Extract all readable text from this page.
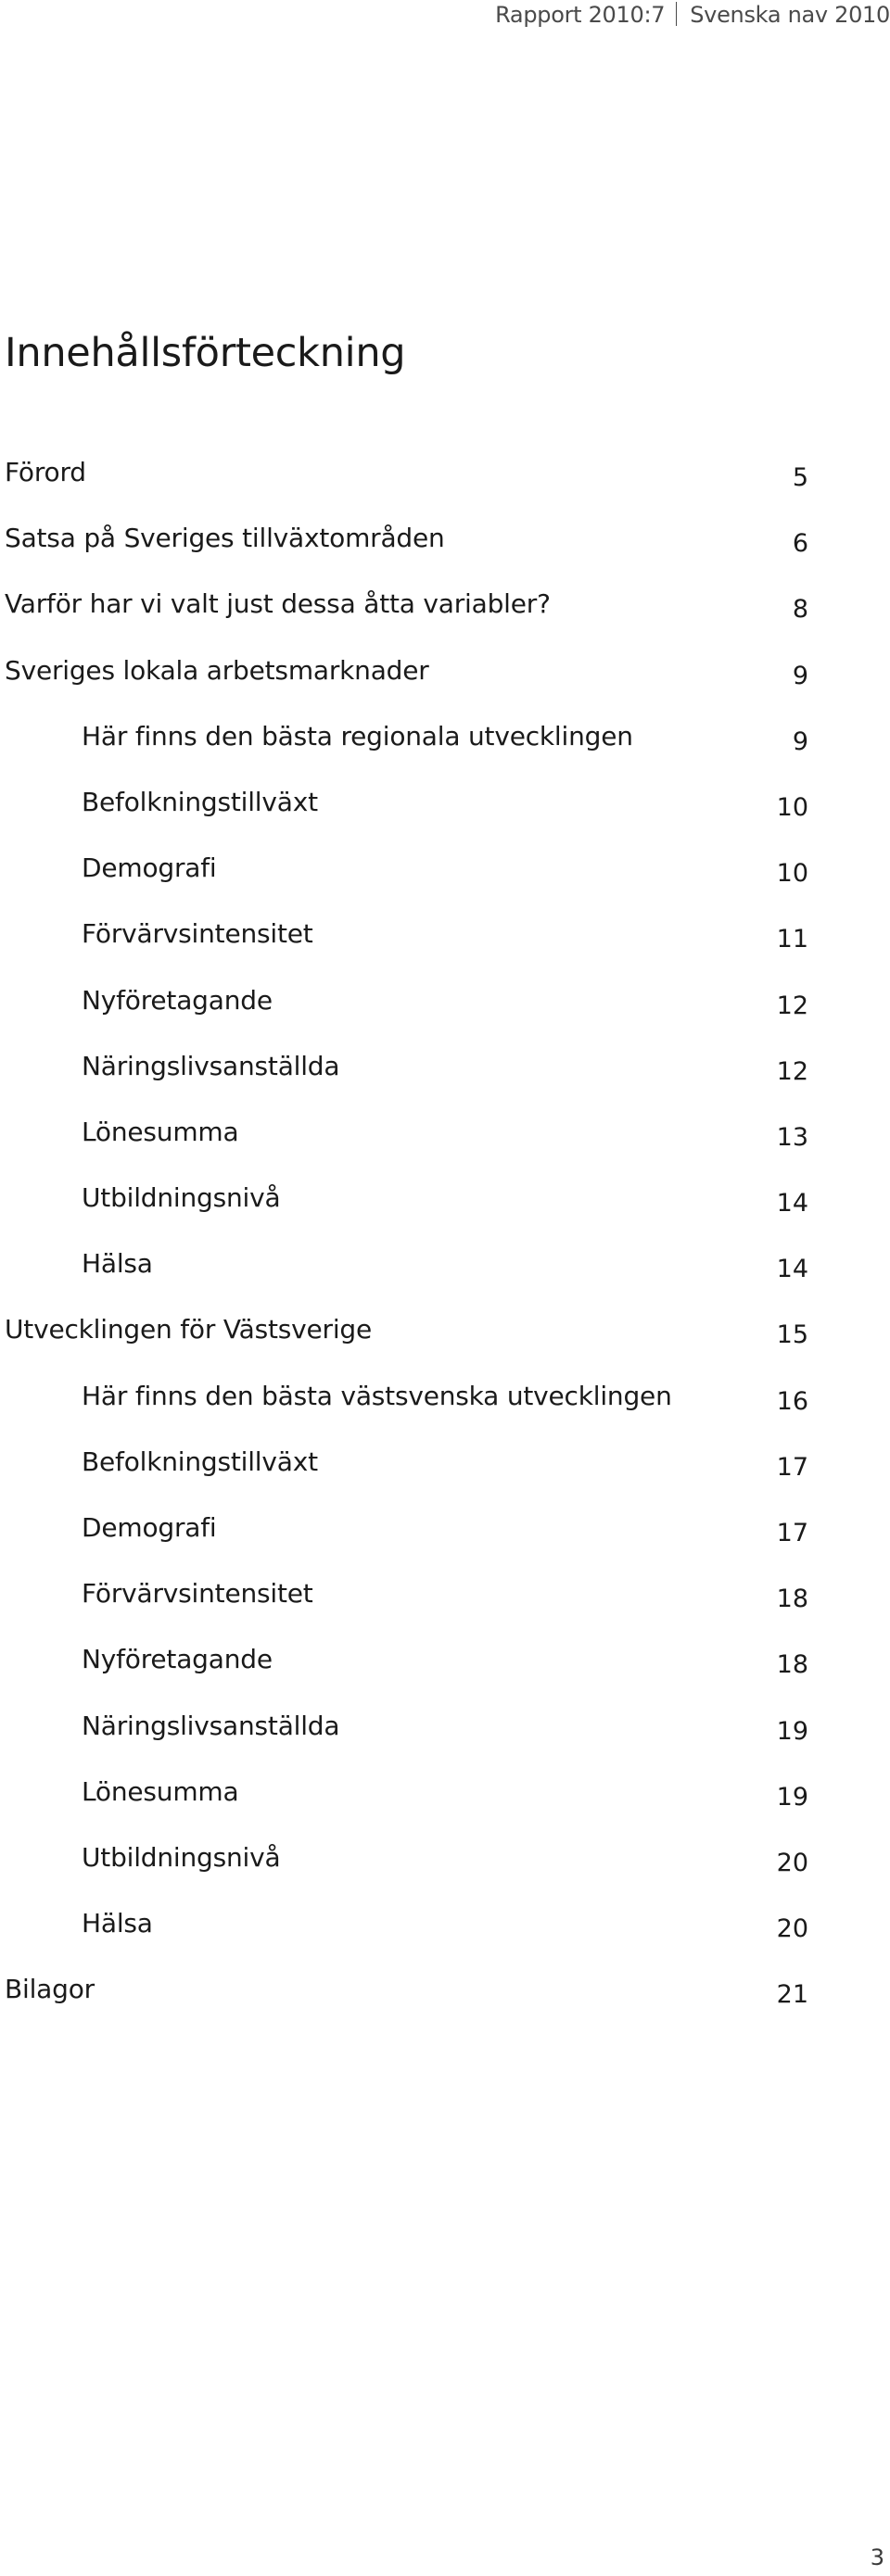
Rapport 2010:7 Svenska nav 2010
Innehållsförteckning
Förord	5
Satsa på Sveriges tillväxtområden	6
Varför har vi valt just dessa åtta variabler?	8
Sveriges lokala arbetsmarknader	9
Här finns den bästa regionala utvecklingen	9
Befolkningstillväxt	10
Demografi	10
Förvärvsintensitet	11
Nyföretagande	12
Näringslivsanställda	12
Lönesumma	13
Utbildningsnivå	14
Hälsa	14
Utvecklingen för Västsverige	15
Här finns den bästa västsvenska utvecklingen	16
Befolkningstillväxt	17
Demografi	17
Förvärvsintensitet	18
Nyföretagande	18
Näringslivsanställda	19
Lönesumma	19
Utbildningsnivå	20
Hälsa	20
Bilagor	21
3
